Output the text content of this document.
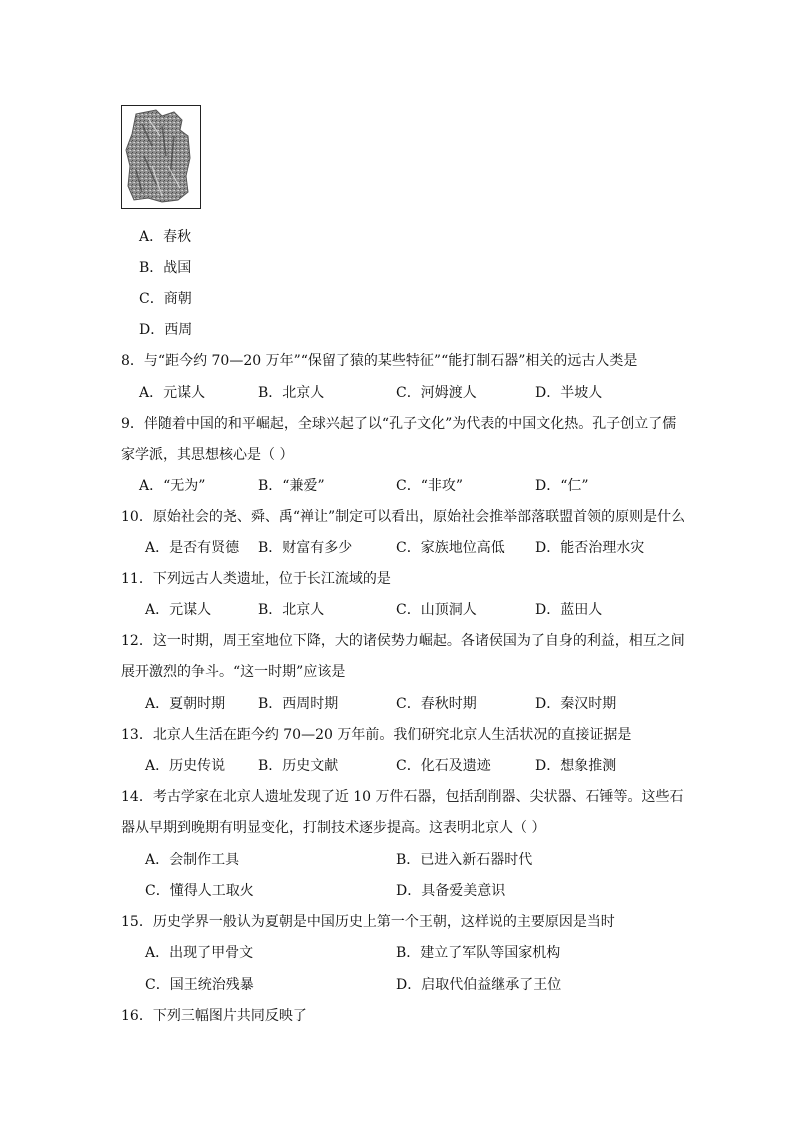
A．春秋
B．战国
C．商朝
D．西周
8．与“距今约 70—20 万年”“保留了猿的某些特征”“能打制石器”相关的远古人类是
A．元谋人	B．北京人	C．河姆渡人	D．半坡人
9．伴随着中国的和平崛起，全球兴起了以“孔子文化”为代表的中国文化热。孔子创立了儒
家学派，其思想核心是（ ）
A．“无为”	B．“兼爱”	C．“非攻”	D．“仁”
10．原始社会的尧、舜、禹“禅让”制定可以看出，原始社会推举部落联盟首领的原则是什么
A．是否有贤德 B．财富有多少	C．家族地位高低 D．能否治理水灾
11．下列远古人类遗址，位于长江流域的是
A．元谋人	B．北京人	C．山顶洞人	D．蓝田人
12．这一时期，周王室地位下降，大的诸侯势力崛起。各诸侯国为了自身的利益，相互之间
展开激烈的争斗。“这一时期”应该是
A．夏朝时期 B．西周时期	C．春秋时期	D．秦汉时期
13．北京人生活在距今约 70—20 万年前。我们研究北京人生活状况的直接证据是
A．历史传说 B．历史文献	C．化石及遗迹	D．想象推测
14．考古学家在北京人遗址发现了近 10 万件石器，包括刮削器、尖状器、石锤等。这些石
器从早期到晚期有明显变化，打制技术逐步提高。这表明北京人（ ）
A．会制作工具	B．已进入新石器时代
C．懂得人工取火	D．具备爱美意识
15．历史学界一般认为夏朝是中国历史上第一个王朝，这样说的主要原因是当时
A．出现了甲骨文	B．建立了军队等国家机构
C．国王统治残暴	D．启取代伯益继承了王位
16．下列三幅图片共同反映了
